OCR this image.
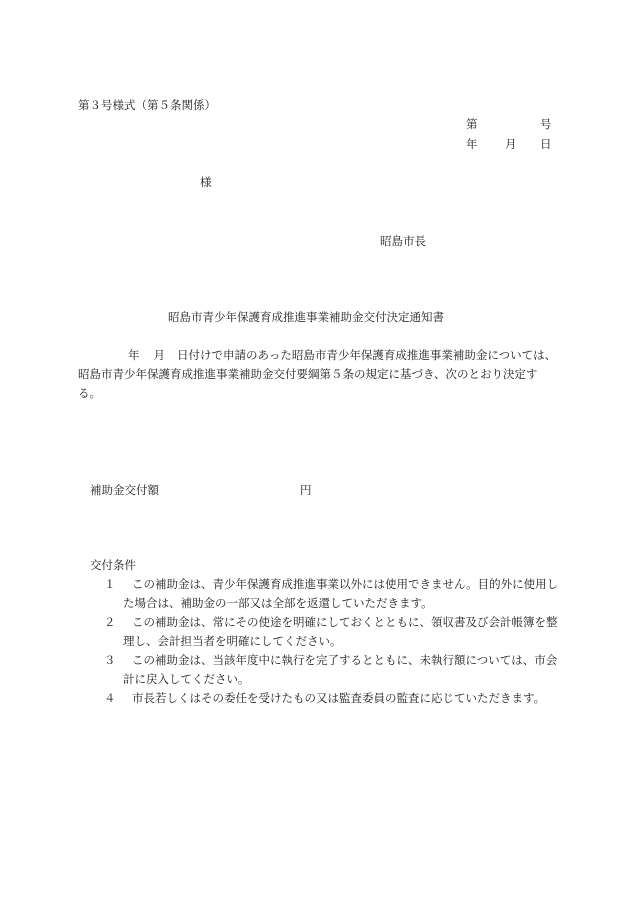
第３号様式（第５条関係）
第	号
年 月 日
様
昭島市長
昭島市青少年保護育成推進事業補助金交付決定通知書

年 月 日付けで申請のあった昭島市青少年保護育成推進事業補助金については、昭島市青少年保護育成推進事業補助金交付要綱第５条の規定に基づき、次のとおり決定する。

補助金交付額	円
交付条件
１	この補助金は、青少年保護育成推進事業以外には使用できません。目的外に使用した場合は、補助金の一部又は全部を返還していただきます。
２	この補助金は、常にその使途を明確にしておくとともに、領収書及び会計帳簿を整理し、会計担当者を明確にしてください。
３	この補助金は、当該年度中に執行を完了するとともに、未執行額については、市会計に戻入してください。
４	市長若しくはその委任を受けたもの又は監査委員の監査に応じていただきます。
